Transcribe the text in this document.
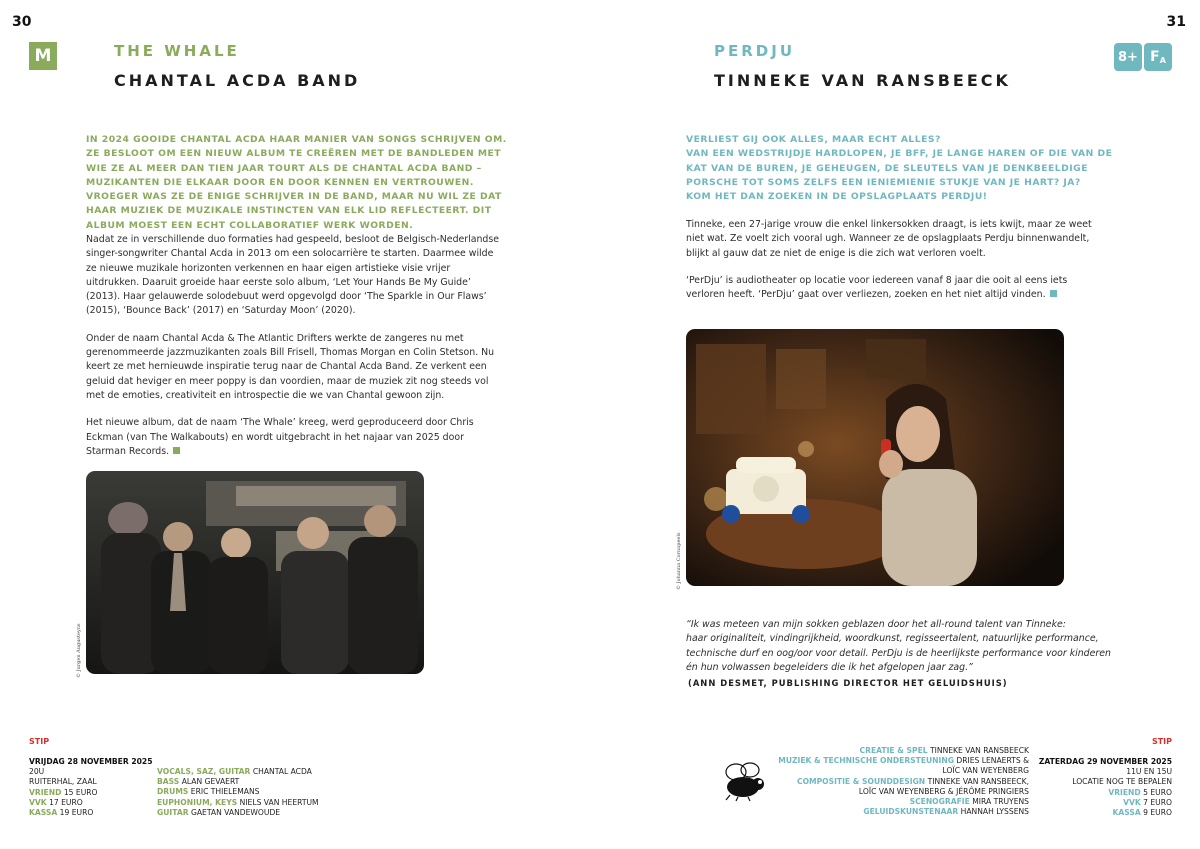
30
M	THE WHALE
CHANTAL ACDA BAND
IN 2024 GOOIDE CHANTAL ACDA HAAR MANIER VAN SONGS SCHRIJVEN OM. ZE BESLOOT OM EEN NIEUW ALBUM TE CREËREN MET DE BANDLEDEN MET WIE ZE AL MEER DAN TIEN JAAR TOURT ALS DE CHANTAL ACDA BAND – MUZIKANTEN DIE ELKAAR DOOR EN DOOR KENNEN EN VERTROUWEN. VROEGER WAS ZE DE ENIGE SCHRIJVER IN DE BAND, MAAR NU WIL ZE DAT HAAR MUZIEK DE MUZIKALE INSTINCTEN VAN ELK LID REFLECTEERT. DIT ALBUM MOEST EEN ECHT COLLABORATIEF WERK WORDEN.

Nadat ze in verschillende duo formaties had gespeeld, besloot de Belgisch-Nederlandse singer-songwriter Chantal Acda in 2013 om een solocarrière te starten. Daarmee wilde ze nieuwe muzikale horizonten verkennen en haar eigen artistieke visie vrijer uitdrukken. Daaruit groeide haar eerste solo album, ‘Let Your Hands Be My Guide’ (2013). Haar gelauwerde solodebuut werd opgevolgd door ‘The Sparkle in Our Flaws’ (2015), ‘Bounce Back’ (2017) en ‘Saturday Moon’ (2020).

Onder de naam Chantal Acda & The Atlantic Drifters werkte de zangeres nu met gerenommeerde jazzmuzikanten zoals Bill Frisell, Thomas Morgan en Colin Stetson. Nu keert ze met hernieuwde inspiratie terug naar de Chantal Acda Band. Ze verkent een geluid dat heviger en meer poppy is dan voordien, maar de muziek zit nog steeds vol met de emoties, creativiteit en introspectie die we van Chantal gewoon zijn.

Het nieuwe album, dat de naam ‘The Whale’ kreeg, werd geproduceerd door Chris Eckman (van The Walkabouts) en wordt uitgebracht in het najaar van 2025 door Starman Records.

© Jurgen Augusteyns
STIP
VRIJDAG 28 NOVEMBER 2025
20U
RUITERHAL, ZAAL
VRIEND 15 EURO
VVK 17 EURO
KASSA 19 EURO
VOCALS, SAZ, GUITAR CHANTAL ACDA
BASS ALAN GEVAERT
DRUMS ERIC THIELEMANS
EUPHONIUM, KEYS NIELS VAN HEERTUM
GUITAR GAETAN VANDEWOUDE
31
8+ F A
PERDJU
TINNEKE VAN RANSBEECK
VERLIEST GIJ OOK ALLES, MAAR ECHT ALLES?
VAN EEN WEDSTRIJDJE HARDLOPEN, JE BFF, JE LANGE HAREN OF DIE VAN DE KAT VAN DE BUREN, JE GEHEUGEN, DE SLEUTELS VAN JE DENKBEELDIGE PORSCHE TOT SOMS ZELFS EEN IENIEMIENIE STUKJE VAN JE HART? JA?
KOM HET DAN ZOEKEN IN DE OPSLAGPLAATS PERDJU!

Tinneke, een 27-jarige vrouw die enkel linkersokken draagt, is iets kwijt, maar ze weet niet wat. Ze voelt zich vooral ugh. Wanneer ze de opslagplaats Perdju binnenwandelt, blijkt al gauw dat ze niet de enige is die zich wat verloren voelt.

‘PerDju’ is audiotheater op locatie voor iedereen vanaf 8 jaar die ooit al eens iets verloren heeft. ‘PerDju’ gaat over verliezen, zoeken en het niet altijd vinden.

© Johanna Cornapeels
“Ik was meteen van mijn sokken geblazen door het all-round talent van Tinneke:
haar originaliteit, vindingrijkheid, woordkunst, regisseertalent, natuurlijke performance,
technische durf en oog/oor voor detail. PerDju is de heerlijkste performance voor kinderen
én hun volwassen begeleiders die ik het afgelopen jaar zag.”
(ANN DESMET, PUBLISHING DIRECTOR HET GELUIDSHUIS)
STIP
CREATIE & SPEL TINNEKE VAN RANSBEECK
MUZIEK & TECHNISCHE ONDERSTEUNING DRIES LENAERTS &
LOÏC VAN WEYENBERG
COMPOSITIE & SOUNDDESIGN TINNEKE VAN RANSBEECK,
LOÏC VAN WEYENBERG & JÉRÔME PRINGIERS
SCENOGRAFIE MIRA TRUYENS
GELUIDSKUNSTENAAR HANNAH LYSSENS
ZATERDAG 29 NOVEMBER 2025
11U EN 15U
LOCATIE NOG TE BEPALEN
VRIEND 5 EURO
VVK 7 EURO
KASSA 9 EURO
